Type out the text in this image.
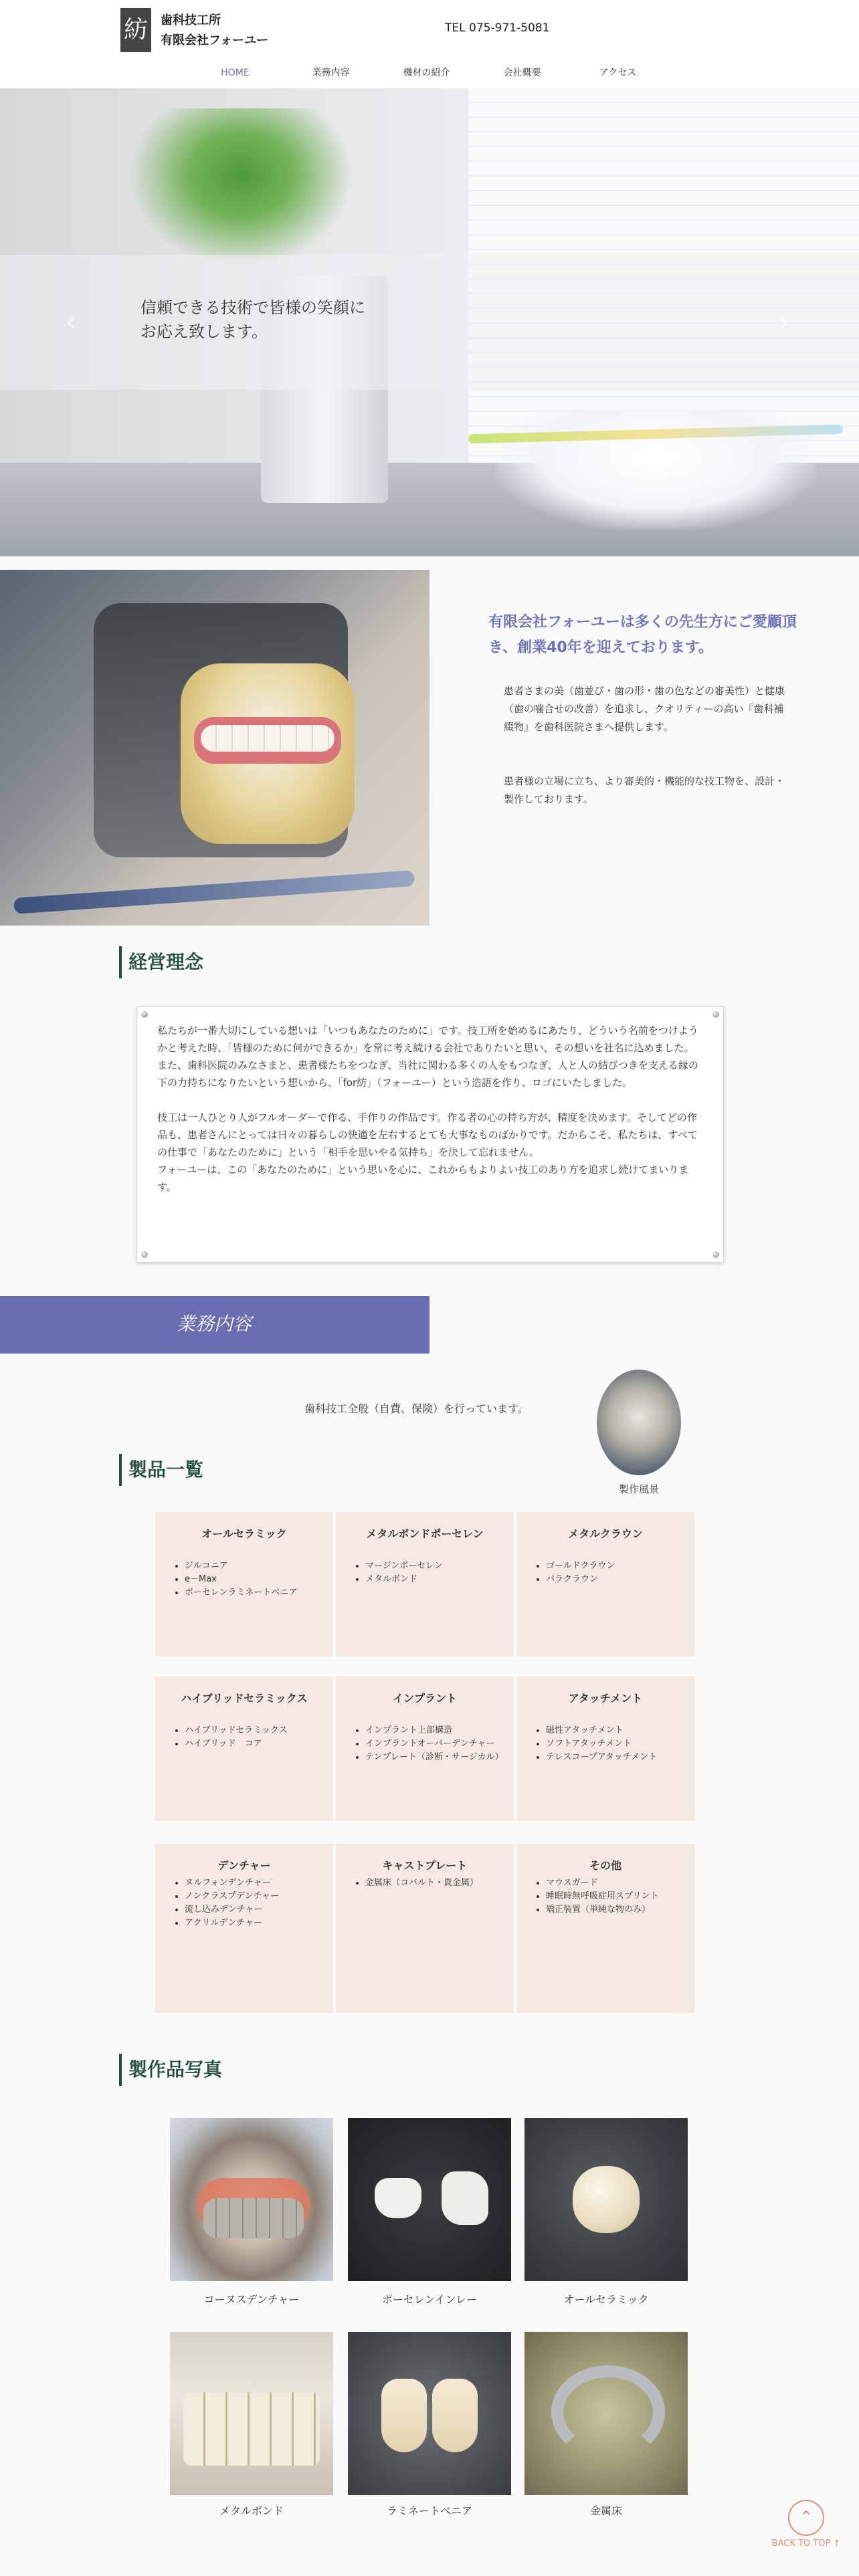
紡 歯科技工所
有限会社フォーユー
TEL 075-971-5081
HOME	業務内容	機材の紹介	会社概要	アクセス
信頼できる技術で皆様の笑顔に
お応え致します。
‹	›
有限会社フォーユーは多くの先生方にご愛顧頂き、創業40年を迎えております。
患者さまの美（歯並び・歯の形・歯の色などの審美性）と健康（歯の噛合せの改善）を追求し、クオリティーの高い『歯科補綴物』を歯科医院さまへ提供します。
患者様の立場に立ち、より審美的・機能的な技工物を、設計・製作しております。
経営理念
私たちが一番大切にしている想いは「いつもあなたのために」です。技工所を始めるにあたり、どういう名前をつけようかと考えた時、「皆様のために何ができるか」を常に考え続ける会社でありたいと思い、その想いを社名に込めました。
また、歯科医院のみなさまと、患者様たちをつなぎ、当社に関わる多くの人をもつなぎ、人と人の結びつきを支える縁の下の力持ちになりたいという想いから、「for紡」（フォーユー）という造語を作り、ロゴにいたしました。

技工は一人ひとり人がフルオーダーで作る、手作りの作品です。作る者の心の持ち方が、精度を決めます。そしてどの作品も、患者さんにとっては日々の暮らしの快適を左右するとても大事なものばかりです。だからこそ、私たちは、すべての仕事で「あなたのために」という「相手を思いやる気持ち」を決して忘れません。
フォーユーは、この「あなたのために」という思いを心に、これからもよりよい技工のあり方を追求し続けてまいります。
業務内容
歯科技工全般（自費、保険）を行っています。
製作風景
製品一覧
オールセラミック
• ジルコニア
• e－Max
• ポーセレンラミネートベニア
メタルボンドポーセレン
• マージンポーセレン
• メタルボンド
メタルクラウン
• ゴールドクラウン
• パラクラウン
ハイブリッドセラミックス
• ハイブリッドセラミックス
• ハイブリッド　コア
インプラント
• インプラント上部構造
• インプラントオーバーデンチャー
• テンプレート（診断・サージカル）
アタッチメント
• 磁性アタッチメント
• ソフトアタッチメント
• テレスコープアタッチメント
デンチャー
• ヌルフォンデンチャー
• ノンクラスプデンチャー
• 流し込みデンチャー
• アクリルデンチャー
キャストプレート
• 金属床（コバルト・貴金属）
その他
• マウスガード
• 睡眠時無呼吸症用スプリント
• 矯正装置（単純な物のみ）
製作品写真
コーヌスデンチャー	ポーセレンインレー	オールセラミック
メタルボンド	ラミネートベニア	金属床	⌃
BACK TO TOP ↑
